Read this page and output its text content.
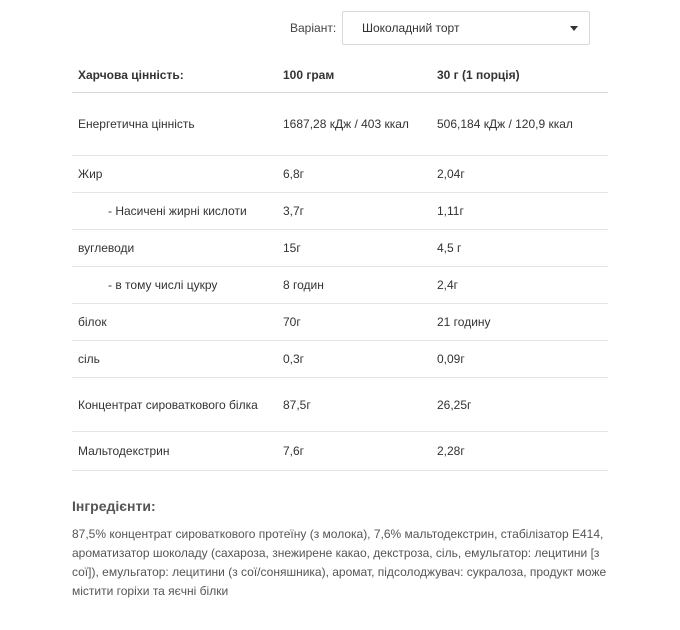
Варіант:	Шоколадний торт
Харчова цінність:	100 грам	30 г (1 порція)
Енергетична цінність	1687,28 кДж / 403 ккал	506,184 кДж / 120,9 ккал
Жир	6,8г	2,04г
- Насичені жирні кислоти	3,7г	1,11г
вуглеводи	15г	4,5 г
- в тому числі цукру	8 годин	2,4г
білок	70г	21 годину
сіль	0,3г	0,09г
Концентрат сироваткового білка	87,5г	26,25г
Мальтодекстрин	7,6г	2,28г
Інгредієнти:
87,5% концентрат сироваткового протеїну (з молока), 7,6% мальтодекстрин, стабілізатор Е414, ароматизатор шоколаду (сахароза, знежирене какао, декстроза, сіль, емульгатор: лецитини [з сої]), емульгатор: лецитини (з сої/соняшника), аромат, підсолоджувач: сукралоза, продукт може містити горіхи та яєчні білки
